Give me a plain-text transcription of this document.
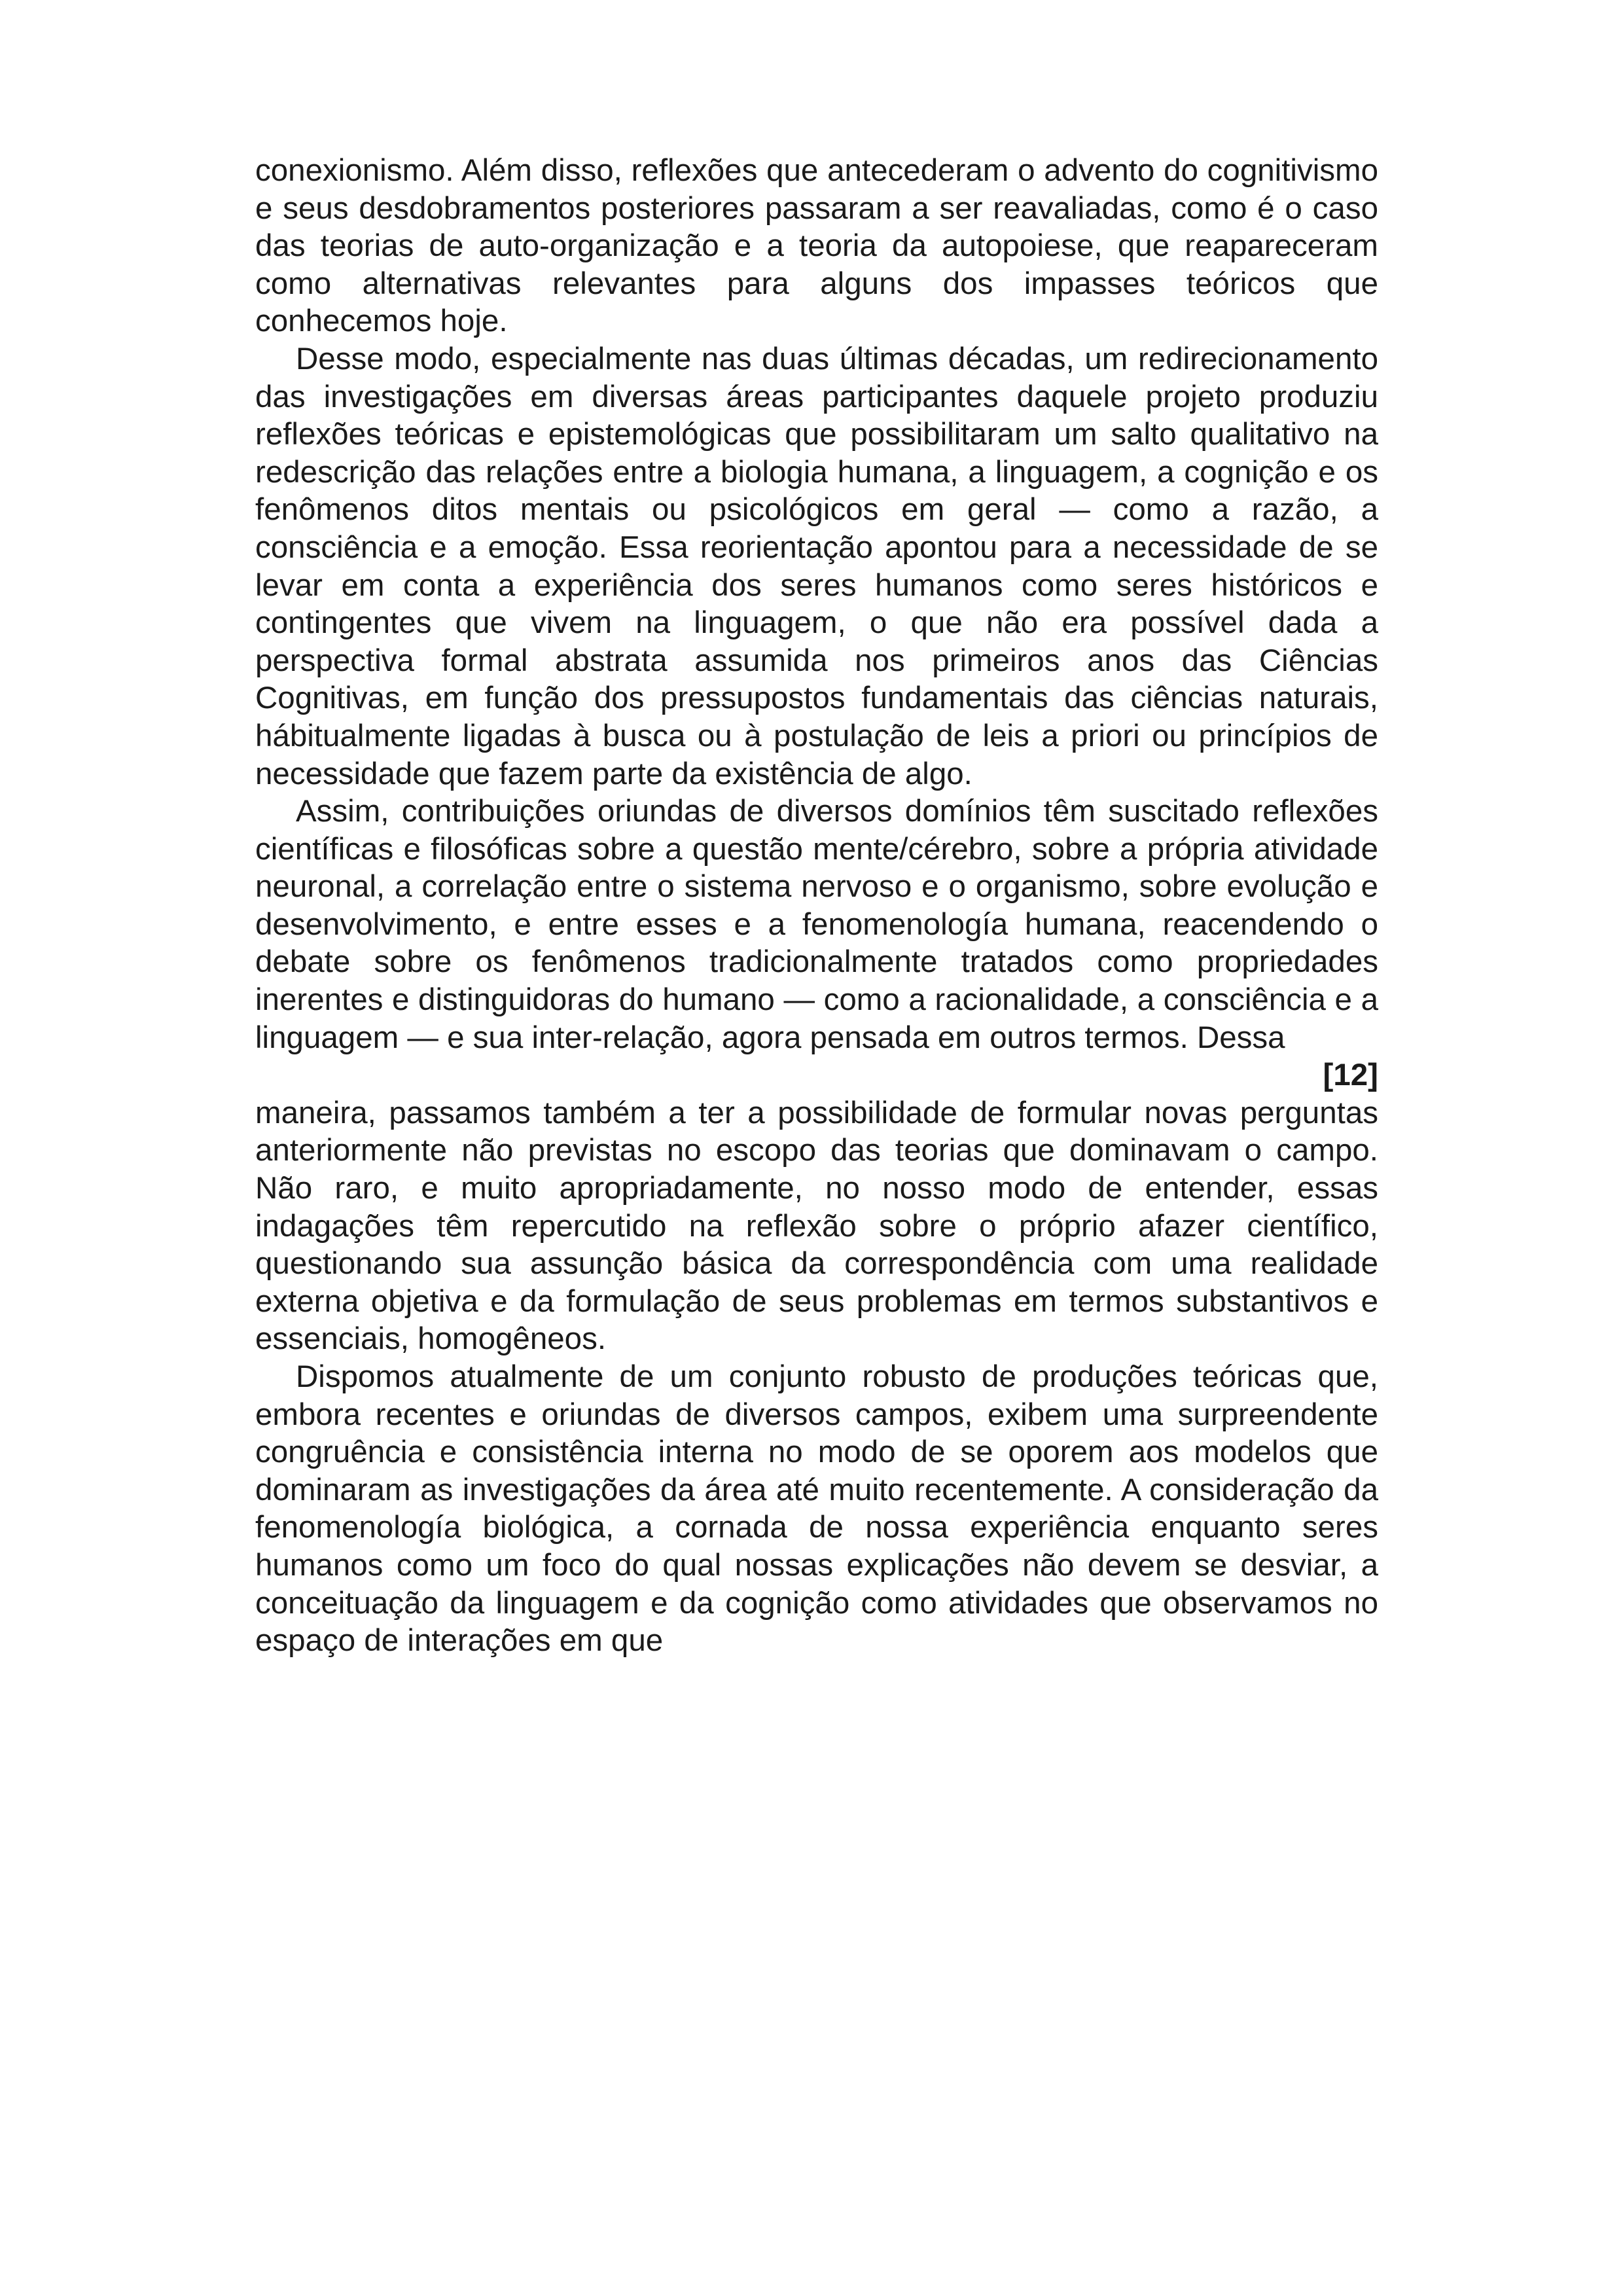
conexionismo. Além disso, reflexões que antecederam o advento do cognitivismo e seus desdobramentos posteriores passaram a ser reavaliadas, como é o caso das teorias de auto-organização e a teoria da autopoiese, que reapareceram como alternativas relevantes para alguns dos impasses teóricos que conhecemos hoje.

Desse modo, especialmente nas duas últimas décadas, um redirecionamento das investigações em diversas áreas participantes daquele projeto produziu reflexões teóricas e epistemológicas que possibilitaram um salto qualitativo na redescrição das relações entre a biologia humana, a linguagem, a cognição e os fenômenos ditos mentais ou psicológicos em geral — como a razão, a consciência e a emoção. Essa reorientação apontou para a necessidade de se levar em conta a experiência dos seres humanos como seres históricos e contingentes que vivem na linguagem, o que não era possível dada a perspectiva formal abstrata assumida nos primeiros anos das Ciências Cognitivas, em função dos pressupostos fundamentais das ciências naturais, hábitualmente ligadas à busca ou à postulação de leis a priori ou princípios de necessidade que fazem parte da existência de algo.

Assim, contribuições oriundas de diversos domínios têm suscitado reflexões científicas e filosóficas sobre a questão mente/cérebro, sobre a própria atividade neuronal, a correlação entre o sistema nervoso e o organismo, sobre evolução e desenvolvimento, e entre esses e a fenomenología humana, reacendendo o debate sobre os fenômenos tradicionalmente tratados como propriedades inerentes e distinguidoras do humano — como a racionalidade, a consciência e a linguagem — e sua inter-relação, agora pensada em outros termos. Dessa

[12]

maneira, passamos também a ter a possibilidade de formular novas perguntas anteriormente não previstas no escopo das teorias que dominavam o campo. Não raro, e muito apropriadamente, no nosso modo de entender, essas indagações têm repercutido na reflexão sobre o próprio afazer científico, questionando sua assunção básica da correspondência com uma realidade externa objetiva e da formulação de seus problemas em termos substantivos e essenciais, homogêneos.

Dispomos atualmente de um conjunto robusto de produções teóricas que, embora recentes e oriundas de diversos campos, exibem uma surpreendente congruência e consistência interna no modo de se oporem aos modelos que dominaram as investigações da área até muito recentemente. A consideração da fenomenología biológica, a cornada de nossa experiência enquanto seres humanos como um foco do qual nossas explicações não devem se desviar, a conceituação da linguagem e da cognição como atividades que observamos no espaço de interações em que
